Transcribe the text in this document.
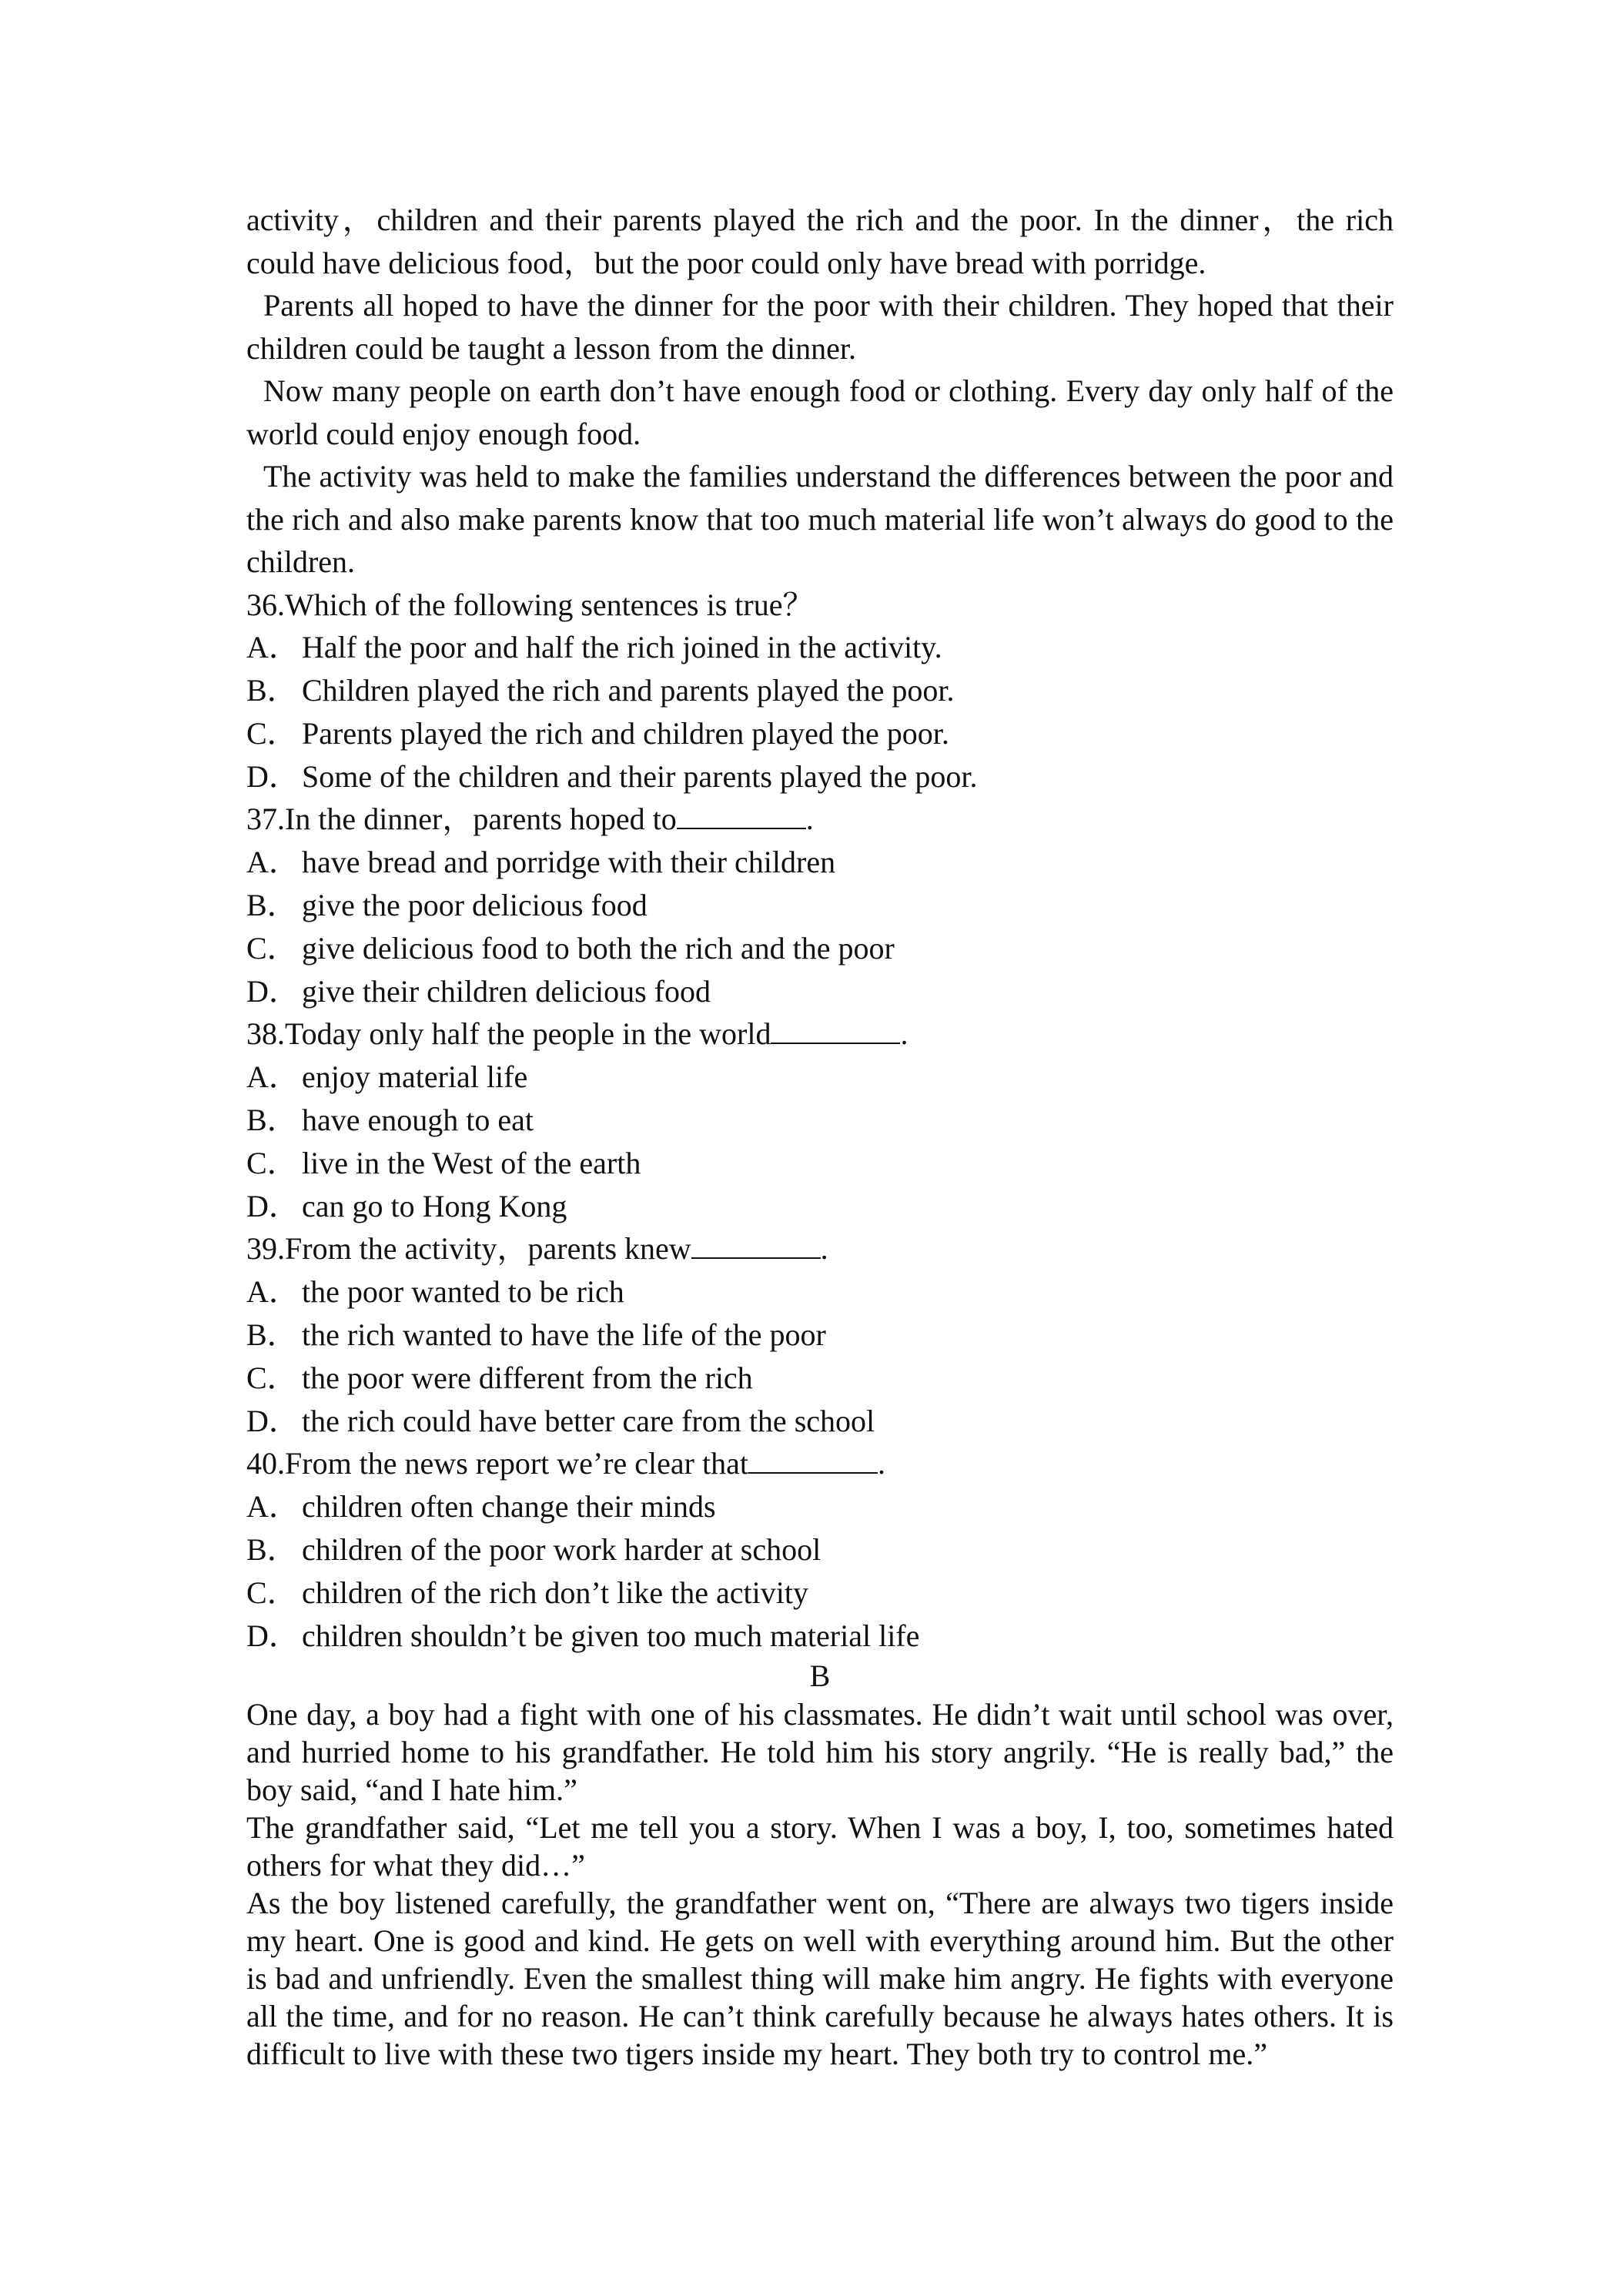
activity，children and their parents played the rich and the poor. In the dinner，the rich could have delicious food，but the poor could only have bread with porridge.

Parents all hoped to have the dinner for the poor with their children. They hoped that their children could be taught a lesson from the dinner.

Now many people on earth don’t have enough food or clothing. Every day only half of the world could enjoy enough food.

The activity was held to make the families understand the differences between the poor and the rich and also make parents know that too much material life won’t always do good to the children.

36.Which of the following sentences is true？

A．Half the poor and half the rich joined in the activity.

B． Children played the rich and parents played the poor.

C． Parents played the rich and children played the poor.

D．Some of the children and their parents played the poor.

37.In the dinner，parents hoped to	.

A．have bread and porridge with their children

B． give the poor delicious food

C． give delicious food to both the rich and the poor

D．give their children delicious food

38.Today only half the people in the world	.

A．enjoy material life

B． have enough to eat

C． live in the West of the earth

D．can go to Hong Kong

39.From the activity，parents knew	.

A．the poor wanted to be rich

B． the rich wanted to have the life of the poor

C． the poor were different from the rich

D．the rich could have better care from the school

40.From the news report we’re clear that	.

A．children often change their minds

B． children of the poor work harder at school

C． children of the rich don’t like the activity

D．children shouldn’t be given too much material life

B

One day, a boy had a fight with one of his classmates. He didn’t wait until school was over, and hurried home to his grandfather. He told him his story angrily. “He is really bad,” the boy said, “and I hate him.”

The grandfather said, “Let me tell you a story. When I was a boy, I, too, sometimes hated others for what they did…”

As the boy listened carefully, the grandfather went on, “There are always two tigers inside my heart. One is good and kind. He gets on well with everything around him. But the other is bad and unfriendly. Even the smallest thing will make him angry. He fights with everyone all the time, and for no reason. He can’t think carefully because he always hates others. It is difficult to live with these two tigers inside my heart. They both try to control me.”
